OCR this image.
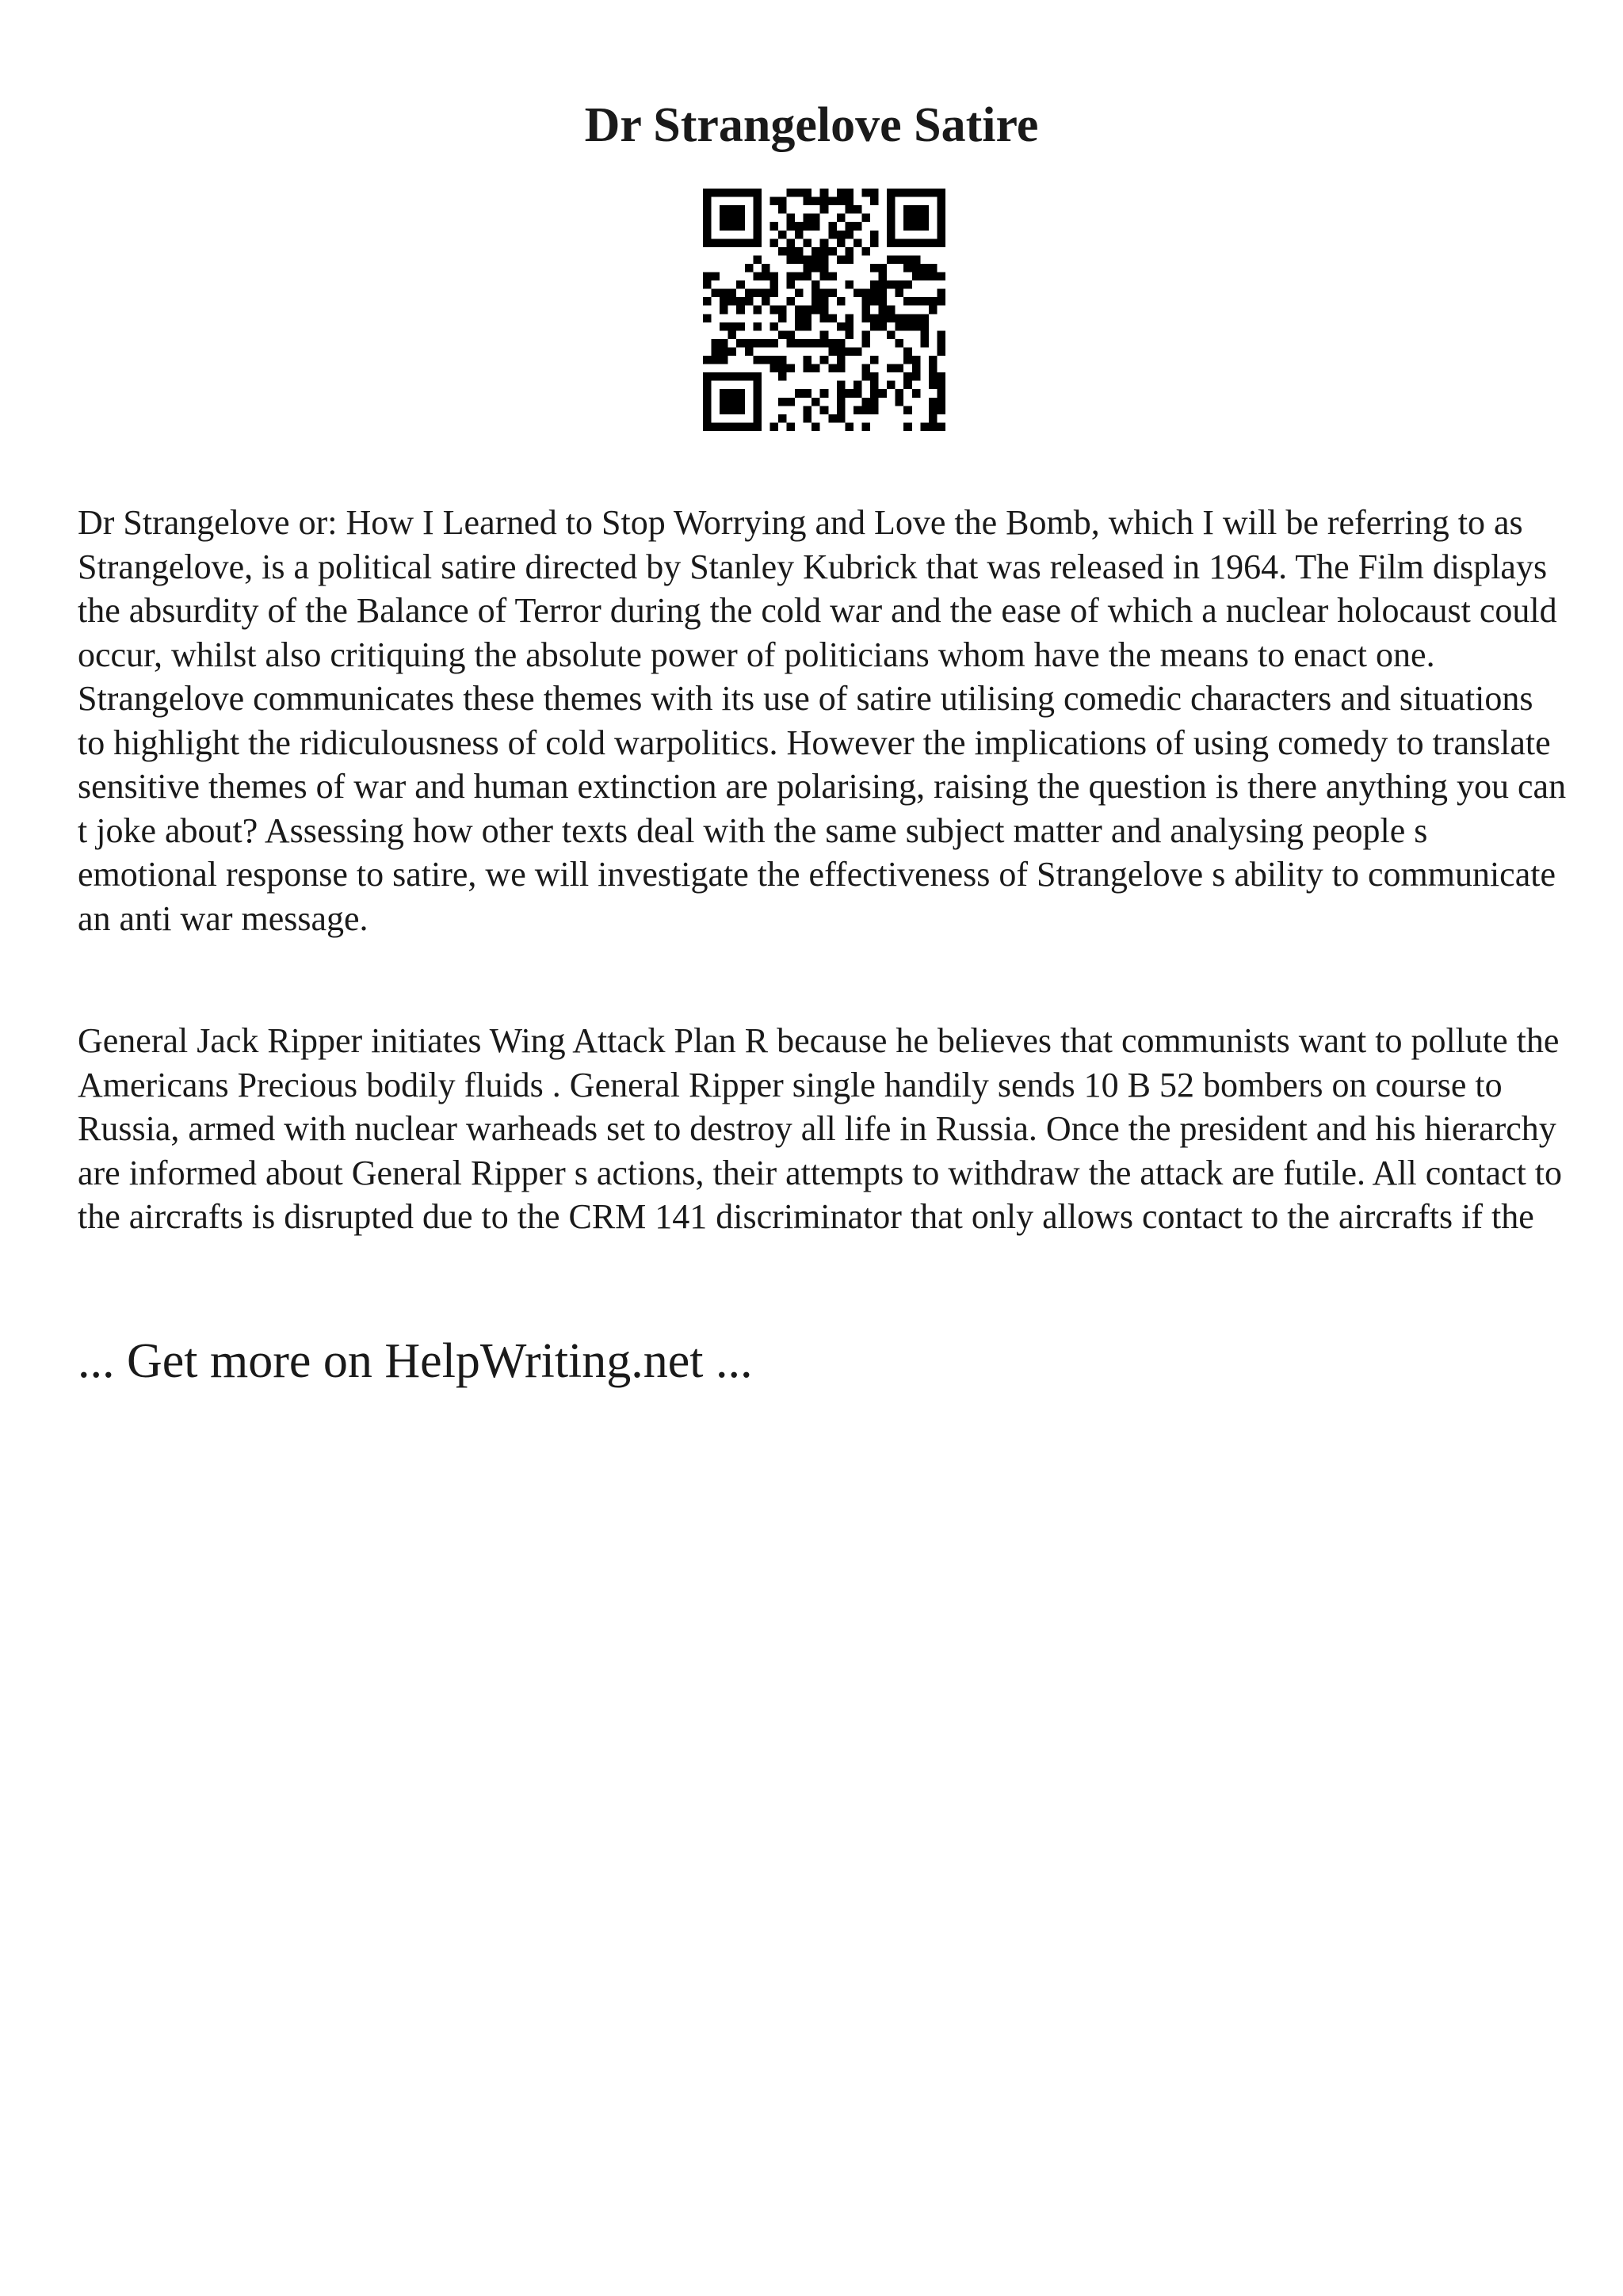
Dr Strangelove Satire

Dr Strangelove or: How I Learned to Stop Worrying and Love the Bomb, which I will be referring to as Strangelove, is a political satire directed by Stanley Kubrick that was released in 1964. The Film displays the absurdity of the Balance of Terror during the cold war and the ease of which a nuclear holocaust could occur, whilst also critiquing the absolute power of politicians whom have the means to enact one. Strangelove communicates these themes with its use of satire utilising comedic characters and situations to highlight the ridiculousness of cold warpolitics. However the implications of using comedy to translate sensitive themes of war and human extinction are polarising, raising the question is there anything you can t joke about? Assessing how other texts deal with the same subject matter and analysing people s emotional response to satire, we will investigate the effectiveness of Strangelove s ability to communicate an anti war message.

General Jack Ripper initiates Wing Attack Plan R because he believes that communists want to pollute the Americans Precious bodily fluids . General Ripper single handily sends 10 B 52 bombers on course to Russia, armed with nuclear warheads set to destroy all life in Russia. Once the president and his hierarchy are informed about General Ripper s actions, their attempts to withdraw the attack are futile. All contact to the aircrafts is disrupted due to the CRM 141 discriminator that only allows contact to the aircrafts if the

... Get more on HelpWriting.net ...
